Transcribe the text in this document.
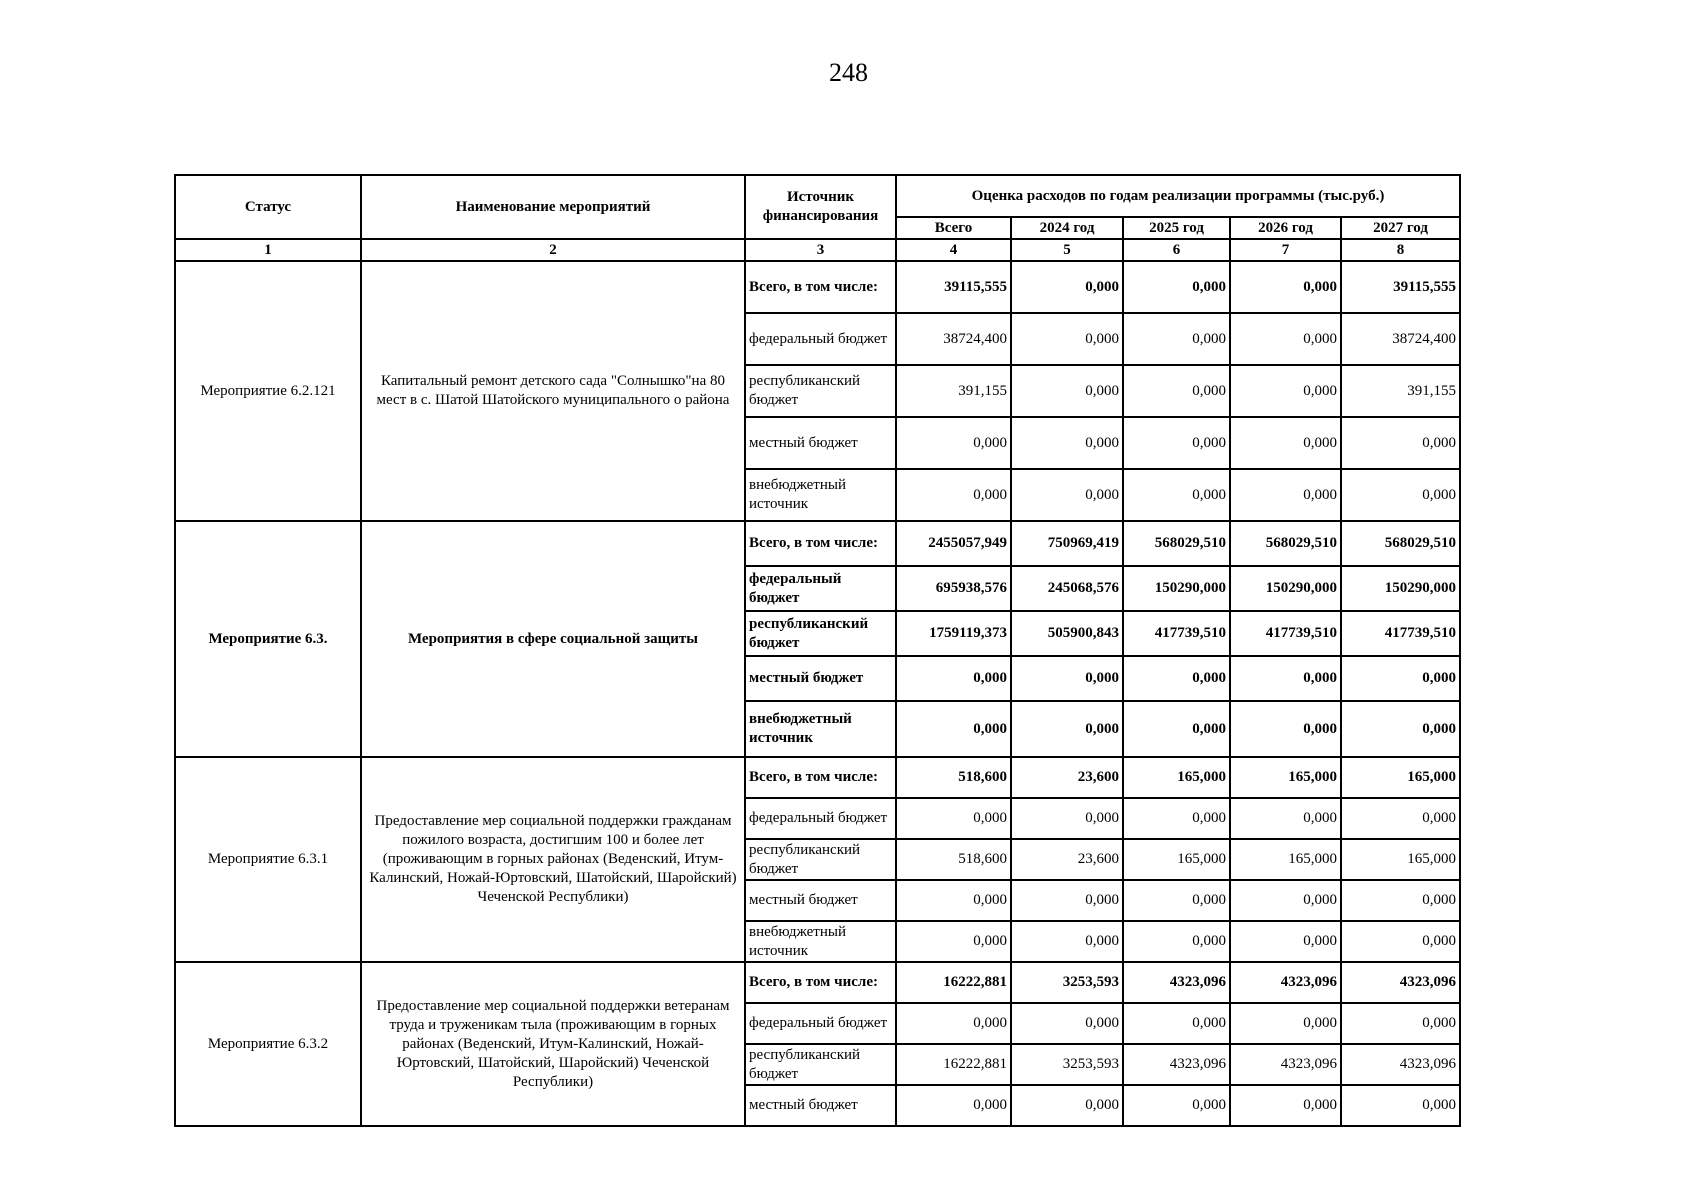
248
Статус	Наименование мероприятий	Источник финансирования	Оценка расходов по годам реализации программы (тыс.руб.)				
			Всего	2024 год	2025 год	2026 год	2027 год
1	2	3	4	5	6	7	8
Мероприятие 6.2.121	Капитальный ремонт детского сада "Солнышко"на 80 мест в с. Шатой Шатойского муниципального о района	Всего, в том числе:	39115,555	0,000	0,000	0,000	39115,555
		федеральный бюджет	38724,400	0,000	0,000	0,000	38724,400
		республиканский бюджет	391,155	0,000	0,000	0,000	391,155
		местный бюджет	0,000	0,000	0,000	0,000	0,000
		внебюджетный источник	0,000	0,000	0,000	0,000	0,000
Мероприятие 6.3.	Мероприятия в сфере социальной защиты	Всего, в том числе:	2455057,949	750969,419	568029,510	568029,510	568029,510
		федеральный бюджет	695938,576	245068,576	150290,000	150290,000	150290,000
		республиканский бюджет	1759119,373	505900,843	417739,510	417739,510	417739,510
		местный бюджет	0,000	0,000	0,000	0,000	0,000
		внебюджетный источник	0,000	0,000	0,000	0,000	0,000
Мероприятие 6.3.1	Предоставление мер социальной поддержки гражданам пожилого возраста, достигшим 100 и более лет (проживающим в горных районах (Веденский, Итум-Калинский, Ножай-Юртовский, Шатойский, Шаройский) Чеченской Республики)	Всего, в том числе:	518,600	23,600	165,000	165,000	165,000
		федеральный бюджет	0,000	0,000	0,000	0,000	0,000
		республиканский бюджет	518,600	23,600	165,000	165,000	165,000
		местный бюджет	0,000	0,000	0,000	0,000	0,000
		внебюджетный источник	0,000	0,000	0,000	0,000	0,000
Мероприятие 6.3.2	Предоставление мер социальной поддержки ветеранам труда и труженикам тыла (проживающим в горных районах (Веденский, Итум-Калинский, Ножай-Юртовский, Шатойский, Шаройский) Чеченской Республики)	Всего, в том числе:	16222,881	3253,593	4323,096	4323,096	4323,096
		федеральный бюджет	0,000	0,000	0,000	0,000	0,000
		республиканский бюджет	16222,881	3253,593	4323,096	4323,096	4323,096
		местный бюджет	0,000	0,000	0,000	0,000	0,000
